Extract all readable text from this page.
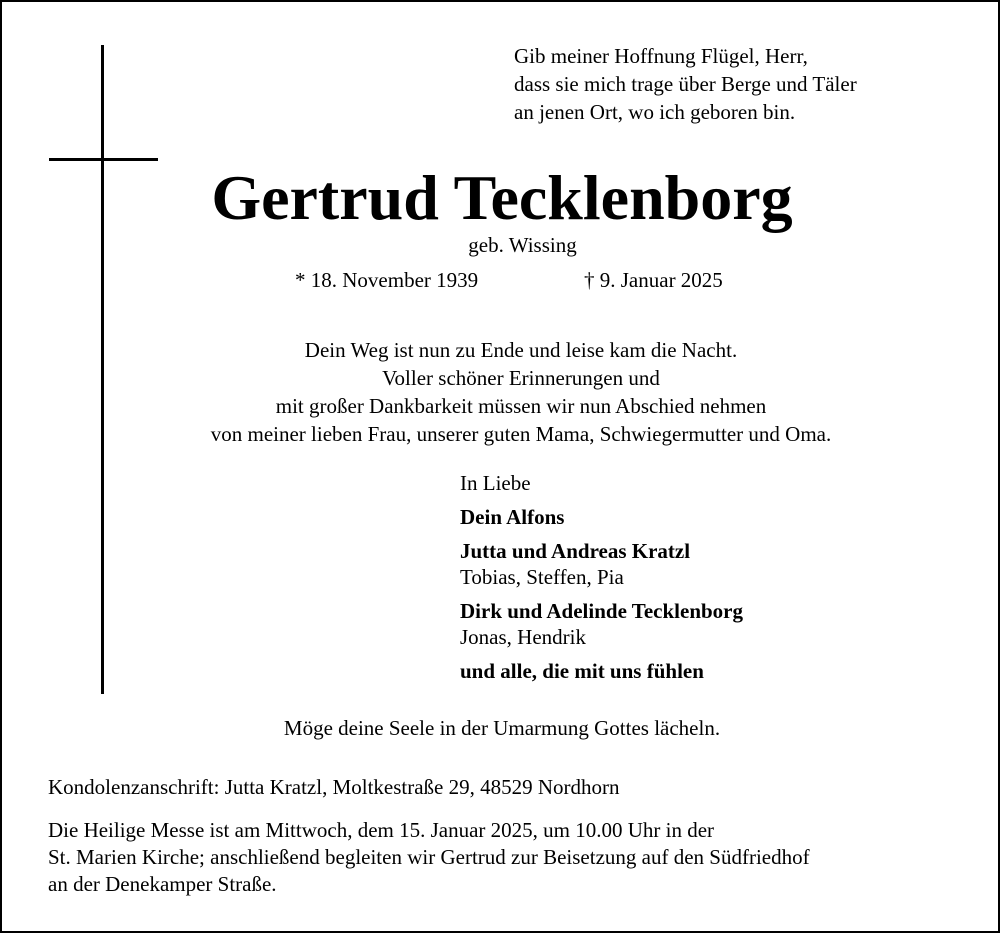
Gib meiner Hoffnung Flügel, Herr,
dass sie mich trage über Berge und Täler
an jenen Ort, wo ich geboren bin.
Gertrud Tecklenborg
geb. Wissing
* 18. November 1939	† 9. Januar 2025
Dein Weg ist nun zu Ende und leise kam die Nacht.
Voller schöner Erinnerungen und
mit großer Dankbarkeit müssen wir nun Abschied nehmen
von meiner lieben Frau, unserer guten Mama, Schwiegermutter und Oma.
In Liebe
Dein Alfons
Jutta und Andreas Kratzl
Tobias, Steffen, Pia
Dirk und Adelinde Tecklenborg
Jonas, Hendrik
und alle, die mit uns fühlen
Möge deine Seele in der Umarmung Gottes lächeln.
Kondolenzanschrift: Jutta Kratzl, Moltkestraße 29, 48529 Nordhorn
Die Heilige Messe ist am Mittwoch, dem 15. Januar 2025, um 10.00 Uhr in der
St. Marien Kirche; anschließend begleiten wir Gertrud zur Beisetzung auf den Südfriedhof
an der Denekamper Straße.
